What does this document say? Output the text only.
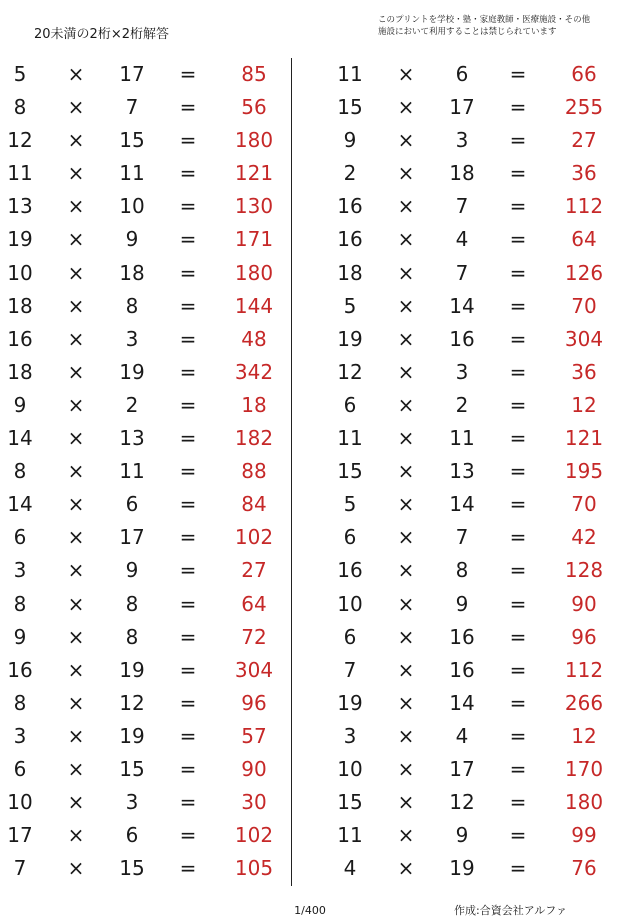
20未満の2桁×2桁解答
このプリントを学校・塾・家庭教師・医療施設・その他
施設において利用することは禁じられています
5	×	17	=	85
8	×	7	=	56
12	×	15	=	180
11	×	11	=	121
13	×	10	=	130
19	×	9	=	171
10	×	18	=	180
18	×	8	=	144
16	×	3	=	48
18	×	19	=	342
9	×	2	=	18
14	×	13	=	182
8	×	11	=	88
14	×	6	=	84
6	×	17	=	102
3	×	9	=	27
8	×	8	=	64
9	×	8	=	72
16	×	19	=	304
8	×	12	=	96
3	×	19	=	57
6	×	15	=	90
10	×	3	=	30
17	×	6	=	102
7	×	15	=	105
11	×	6	=	66
15	×	17	=	255
9	×	3	=	27
2	×	18	=	36
16	×	7	=	112
16	×	4	=	64
18	×	7	=	126
5	×	14	=	70
19	×	16	=	304
12	×	3	=	36
6	×	2	=	12
11	×	11	=	121
15	×	13	=	195
5	×	14	=	70
6	×	7	=	42
16	×	8	=	128
10	×	9	=	90
6	×	16	=	96
7	×	16	=	112
19	×	14	=	266
3	×	4	=	12
10	×	17	=	170
15	×	12	=	180
11	×	9	=	99
4	×	19	=	76
1/400	作成:合資会社アルファ
